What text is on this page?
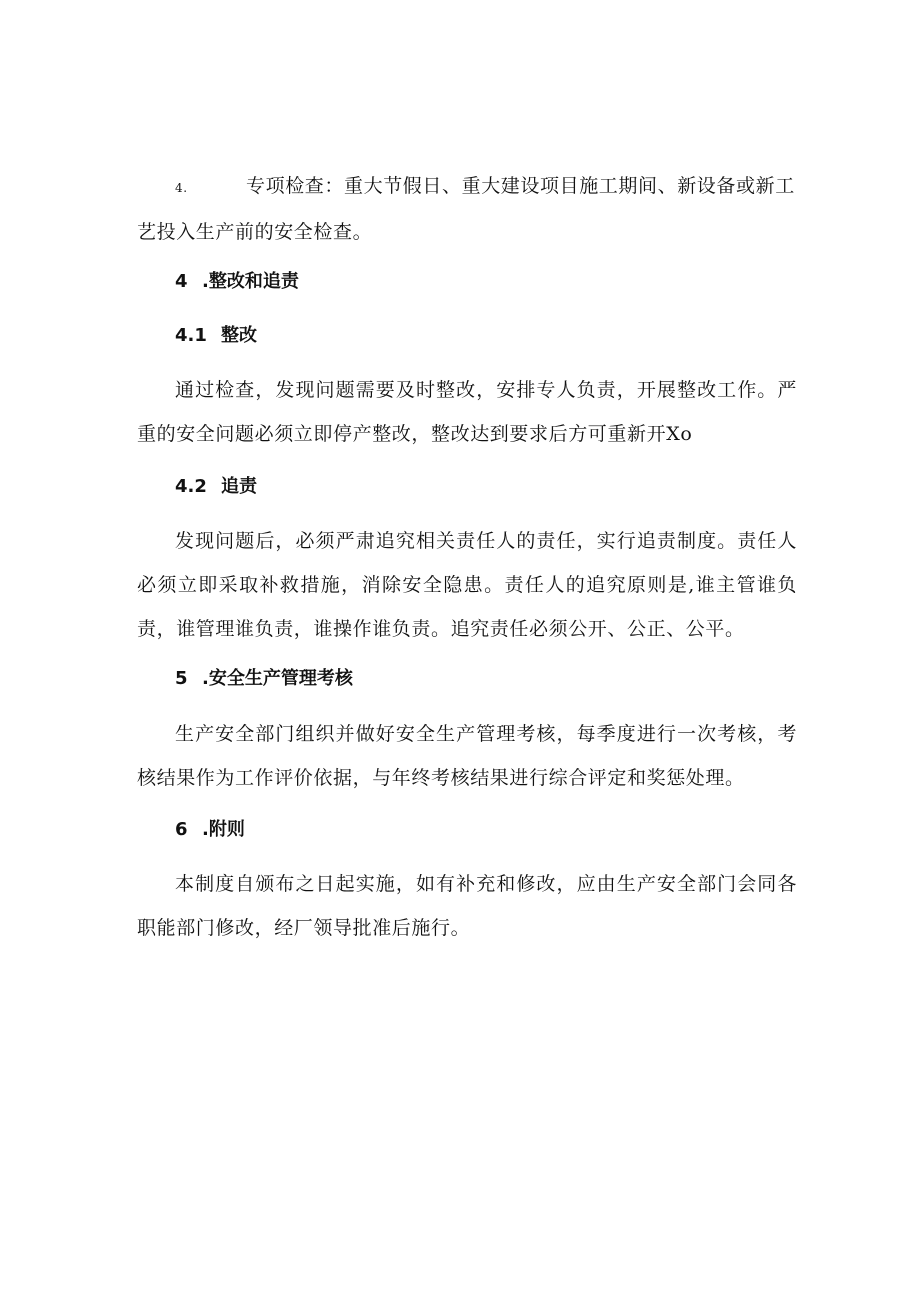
4.	专项检查：重大节假日、重大建设项目施工期间、新设备或新工艺投入生产前的安全检查。

4 .整改和追责
4.1 整改

通过检查，发现问题需要及时整改，安排专人负责，开展整改工作。严重的安全问题必须立即停产整改，整改达到要求后方可重新开Xo

4.2 追责

发现问题后，必须严肃追究相关责任人的责任，实行追责制度。责任人必须立即采取补救措施，消除安全隐患。责任人的追究原则是,谁主管谁负责，谁管理谁负责，谁操作谁负责。追究责任必须公开、公正、公平。

5 .安全生产管理考核

生产安全部门组织并做好安全生产管理考核，每季度进行一次考核，考核结果作为工作评价依据，与年终考核结果进行综合评定和奖惩处理。

6 .附则

本制度自颁布之日起实施，如有补充和修改，应由生产安全部门会同各职能部门修改，经厂领导批准后施行。
